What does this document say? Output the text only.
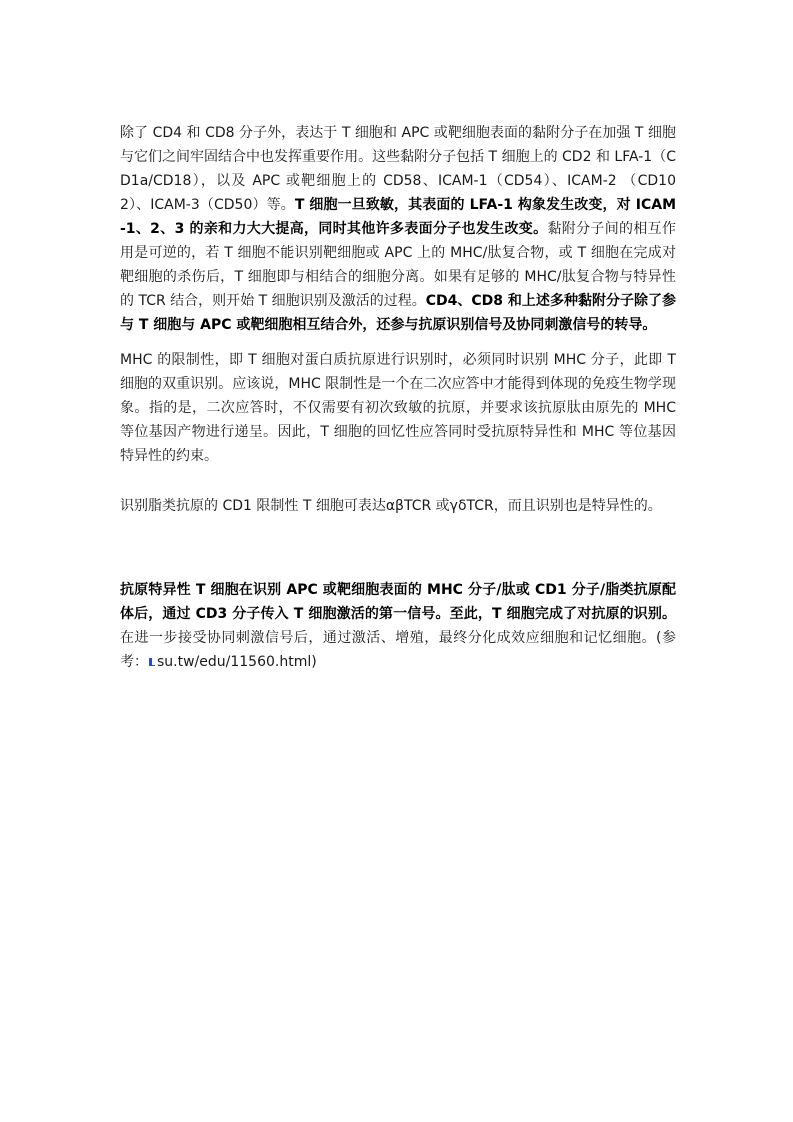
除了 CD4 和 CD8 分子外，表达于 T 细胞和 APC 或靶细胞表面的黏附分子在加强 T 细胞与它们之间牢固结合中也发挥重要作用。这些黏附分子包括 T 细胞上的 CD2 和 LFA-1（CD1a/CD18），以及 APC 或靶细胞上的 CD58、ICAM-1（CD54）、ICAM-2 （CD102）、ICAM-3（CD50）等。T 细胞一旦致敏，其表面的 LFA-1 构象发生改变，对 ICAM-1、2、3 的亲和力大大提高，同时其他许多表面分子也发生改变。黏附分子间的相互作用是可逆的，若 T 细胞不能识别靶细胞或 APC 上的 MHC/肽复合物，或 T 细胞在完成对靶细胞的杀伤后，T 细胞即与相结合的细胞分离。如果有足够的 MHC/肽复合物与特异性的 TCR 结合，则开始 T 细胞识别及激活的过程。CD4、CD8 和上述多种黏附分子除了参与 T 细胞与 APC 或靶细胞相互结合外，还参与抗原识别信号及协同刺激信号的转导。

MHC 的限制性，即 T 细胞对蛋白质抗原进行识别时，必须同时识别 MHC 分子，此即 T 细胞的双重识别。应该说，MHC 限制性是一个在二次应答中才能得到体现的免疫生物学现象。指的是，二次应答时，不仅需要有初次致敏的抗原，并要求该抗原肽由原先的 MHC 等位基因产物进行递呈。因此，T 细胞的回忆性应答同时受抗原特异性和 MHC 等位基因特异性的约束。

识别脂类抗原的 CD1 限制性 T 细胞可表达αβTCR 或γδTCR，而且识别也是特异性的。

抗原特异性 T 细胞在识别 APC 或靶细胞表面的 MHC 分子/肽或 CD1 分子/脂类抗原配体后，通过 CD3 分子传入 T 细胞激活的第一信号。至此，T 细胞完成了对抗原的识别。在进一步接受协同刺激信号后，通过激活、增殖，最终分化成效应细胞和记忆细胞。(参考： su.tw/edu/11560.html)
